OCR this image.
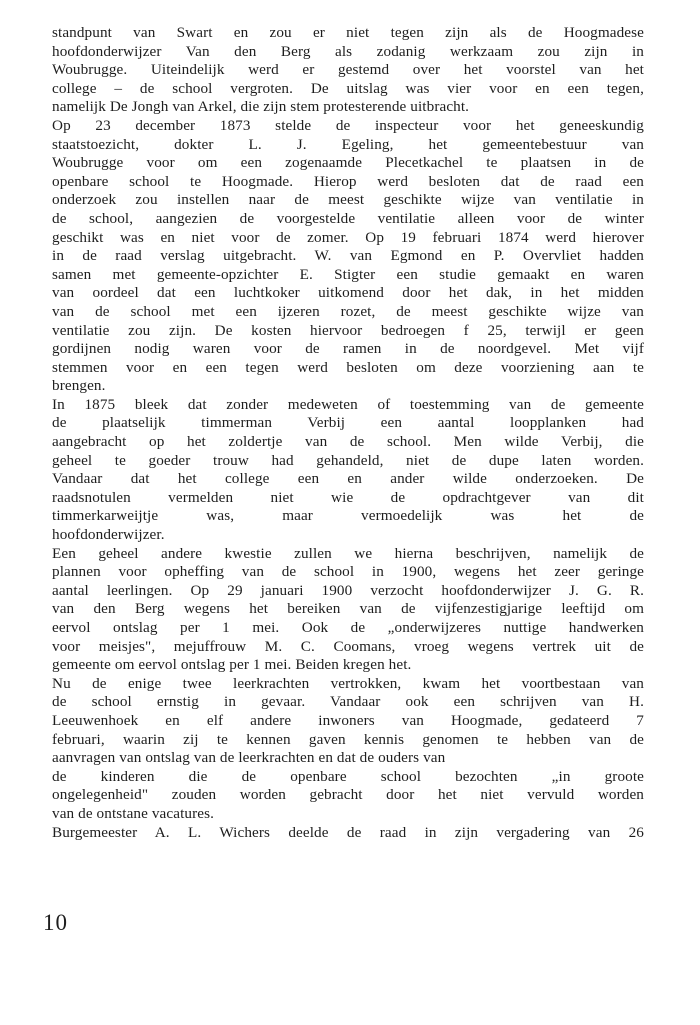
standpunt van Swart en zou er niet tegen zijn als de Hoogmadese
hoofdonderwijzer Van den Berg als zodanig werkzaam zou zijn in
Woubrugge. Uiteindelijk werd er gestemd over het voorstel van het
college – de school vergroten. De uitslag was vier voor en een tegen,
namelijk De Jongh van Arkel, die zijn stem protesterende uitbracht.
Op 23 december 1873 stelde de inspecteur voor het geneeskundig
staatstoezicht, dokter L. J. Egeling, het gemeentebestuur van
Woubrugge voor om een zogenaamde Plecetkachel te plaatsen in de
openbare school te Hoogmade. Hierop werd besloten dat de raad een
onderzoek zou instellen naar de meest geschikte wijze van ventilatie in
de school, aangezien de voorgestelde ventilatie alleen voor de winter
geschikt was en niet voor de zomer. Op 19 februari 1874 werd hierover
in de raad verslag uitgebracht. W. van Egmond en P. Overvliet hadden
samen met gemeente-opzichter E. Stigter een studie gemaakt en waren
van oordeel dat een luchtkoker uitkomend door het dak, in het midden
van de school met een ijzeren rozet, de meest geschikte wijze van
ventilatie zou zijn. De kosten hiervoor bedroegen f 25, terwijl er geen
gordijnen nodig waren voor de ramen in de noordgevel. Met vijf
stemmen voor en een tegen werd besloten om deze voorziening aan te
brengen.
In 1875 bleek dat zonder medeweten of toestemming van de gemeente
de plaatselijk timmerman Verbij een aantal loopplanken had
aangebracht op het zoldertje van de school. Men wilde Verbij, die
geheel te goeder trouw had gehandeld, niet de dupe laten worden.
Vandaar dat het college een en ander wilde onderzoeken. De
raadsnotulen vermelden niet wie de opdrachtgever van dit
timmerkarweijtje was, maar vermoedelijk was het de
hoofdonderwijzer.
Een geheel andere kwestie zullen we hierna beschrijven, namelijk de
plannen voor opheffing van de school in 1900, wegens het zeer geringe
aantal leerlingen. Op 29 januari 1900 verzocht hoofdonderwijzer J. G. R.
van den Berg wegens het bereiken van de vijfenzestigjarige leeftijd om
eervol ontslag per 1 mei. Ook de „onderwijzeres nuttige handwerken
voor meisjes", mejuffrouw M. C. Coomans, vroeg wegens vertrek uit de
gemeente om eervol ontslag per 1 mei. Beiden kregen het.
Nu de enige twee leerkrachten vertrokken, kwam het voortbestaan van
de school ernstig in gevaar. Vandaar ook een schrijven van H.
Leeuwenhoek en elf andere inwoners van Hoogmade, gedateerd 7
februari, waarin zij te kennen gaven kennis genomen te hebben van de
aanvragen van ontslag van de leerkrachten en dat de ouders van
de kinderen die de openbare school bezochten „in groote
ongelegenheid" zouden worden gebracht door het niet vervuld worden
van de ontstane vacatures.
Burgemeester A. L. Wichers deelde de raad in zijn vergadering van 26
10
